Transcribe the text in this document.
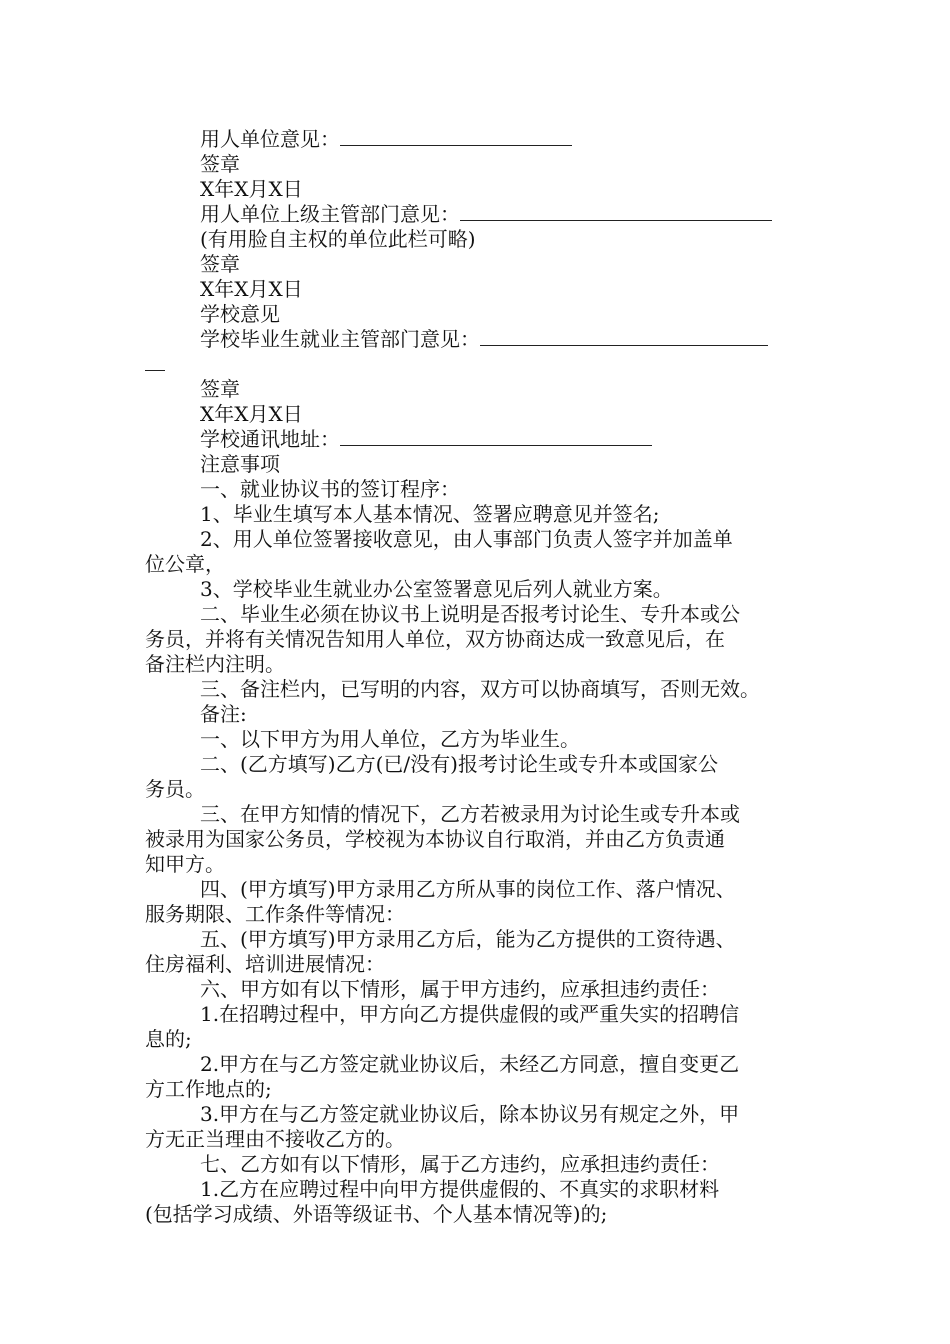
用人单位意见：
签章
X年X月X日
用人单位上级主管部门意见：
(有用脸自主权的单位此栏可略)
签章
X年X月X日
学校意见
学校毕业生就业主管部门意见：
签章
X年X月X日
学校通讯地址：
注意事项
一、就业协议书的签订程序：
1、毕业生填写本人基本情况、签署应聘意见并签名;
2、用人单位签署接收意见，由人事部门负责人签字并加盖单
位公章，
3、学校毕业生就业办公室签署意见后列人就业方案。
二、毕业生必须在协议书上说明是否报考讨论生、专升本或公
务员，并将有关情况告知用人单位，双方协商达成一致意见后，在
备注栏内注明。
三、备注栏内，已写明的内容，双方可以协商填写，否则无效。
备注:
一、以下甲方为用人单位，乙方为毕业生。
二、(乙方填写)乙方(已/没有)报考讨论生或专升本或国家公
务员。
三、在甲方知情的情况下，乙方若被录用为讨论生或专升本或
被录用为国家公务员，学校视为本协议自行取消，并由乙方负责通
知甲方。
四、(甲方填写)甲方录用乙方所从事的岗位工作、落户情况、
服务期限、工作条件等情况：
五、(甲方填写)甲方录用乙方后，能为乙方提供的工资待遇、
住房福利、培训进展情况：
六、甲方如有以下情形，属于甲方违约，应承担违约责任：
1.在招聘过程中，甲方向乙方提供虚假的或严重失实的招聘信
息的;
2.甲方在与乙方签定就业协议后，未经乙方同意，擅自变更乙
方工作地点的;
3.甲方在与乙方签定就业协议后，除本协议另有规定之外，甲
方无正当理由不接收乙方的。
七、乙方如有以下情形，属于乙方违约，应承担违约责任：
1.乙方在应聘过程中向甲方提供虚假的、不真实的求职材料
(包括学习成绩、外语等级证书、个人基本情况等)的;
